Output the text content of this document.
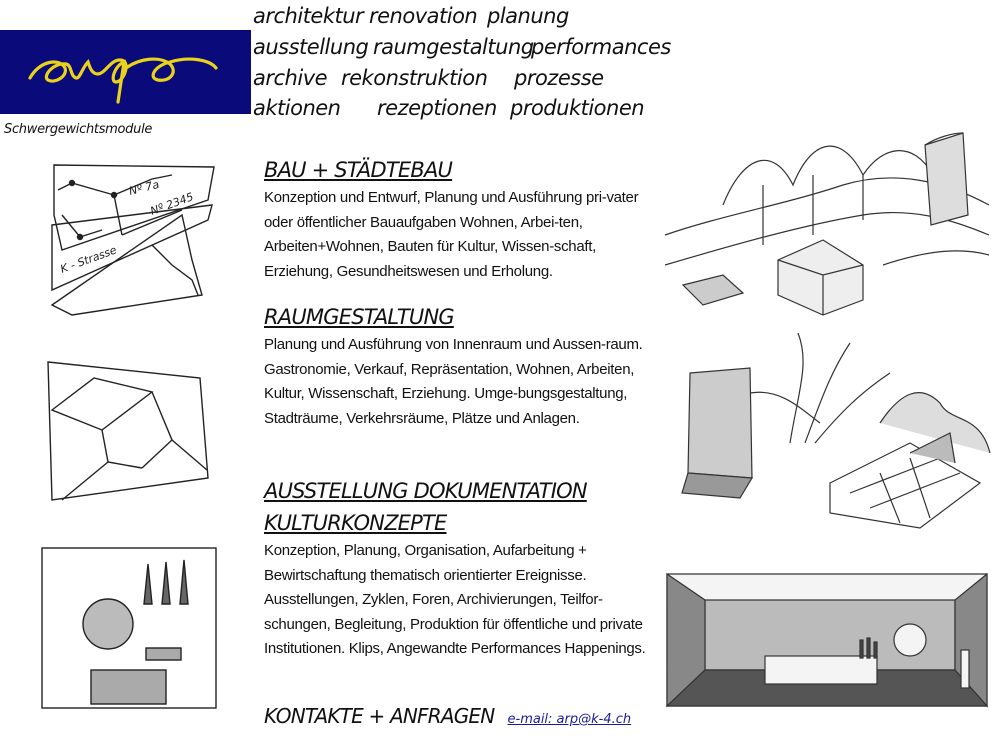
Schwergewichtsmodule
architektur renovation planung
ausstellung raumgestaltung
performances
archive rekonstruktion prozesse
aktionen rezeptionen produktionen
BAU + STÄDTEBAU
Konzeption und Entwurf, Planung und Ausführung pri-vater oder öffentlicher Bauaufgaben Wohnen, Arbei-ten, Arbeiten+Wohnen, Bauten für Kultur, Wissen-schaft, Erziehung, Gesundheitswesen und Erholung.
RAUMGESTALTUNG
Planung und Ausführung von Innenraum und Aussen-raum. Gastronomie, Verkauf, Repräsentation, Wohnen, Arbeiten, Kultur, Wissenschaft, Erziehung. Umge-bungsgestaltung, Stadträume, Verkehrsräume, Plätze und Anlagen.
AUSSTELLUNG DOKUMENTATION
KULTURKONZEPTE
Konzeption, Planung, Organisation, Aufarbeitung + Bewirtschaftung thematisch orientierter Ereignisse. Ausstellungen, Zyklen, Foren, Archivierungen, Teilfor-schungen, Begleitung, Produktion für öffentliche und private Institutionen. Klips, Angewandte Performances Happenings.
KONTAKTE + ANFRAGEN e-mail: arp@k-4.ch
Nº 7a
Nº 2345
K - Strasse
